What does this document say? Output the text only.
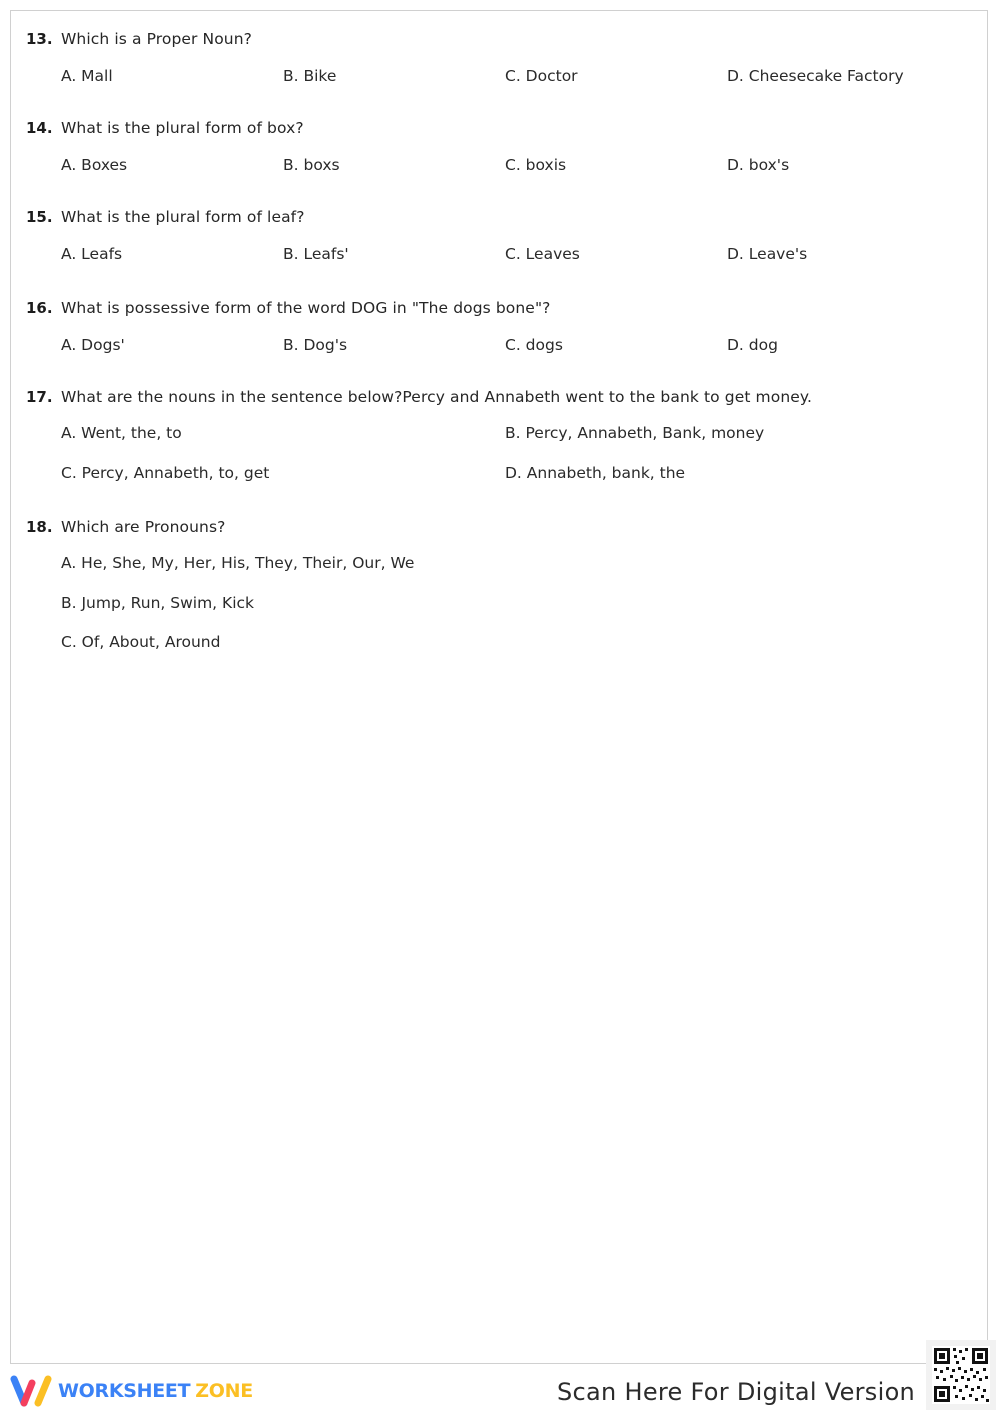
13. Which is a Proper Noun?
A. Mall	B. Bike	C. Doctor	D. Cheesecake Factory
14. What is the plural form of box?
A. Boxes	B. boxs	C. boxis	D. box's
15. What is the plural form of leaf?
A. Leafs	B. Leafs'	C. Leaves	D. Leave's
16. What is possessive form of the word DOG in "The dogs bone"?
A. Dogs'	B. Dog's	C. dogs	D. dog
17. What are the nouns in the sentence below?Percy and Annabeth went to the bank to get money.
A. Went, the, to	B. Percy, Annabeth, Bank, money
C. Percy, Annabeth, to, get	D. Annabeth, bank, the
18. Which are Pronouns?
A. He, She, My, Her, His, They, Their, Our, We
B. Jump, Run, Swim, Kick
C. Of, About, Around
WORKSHEET ZONE	Scan Here For Digital Version
